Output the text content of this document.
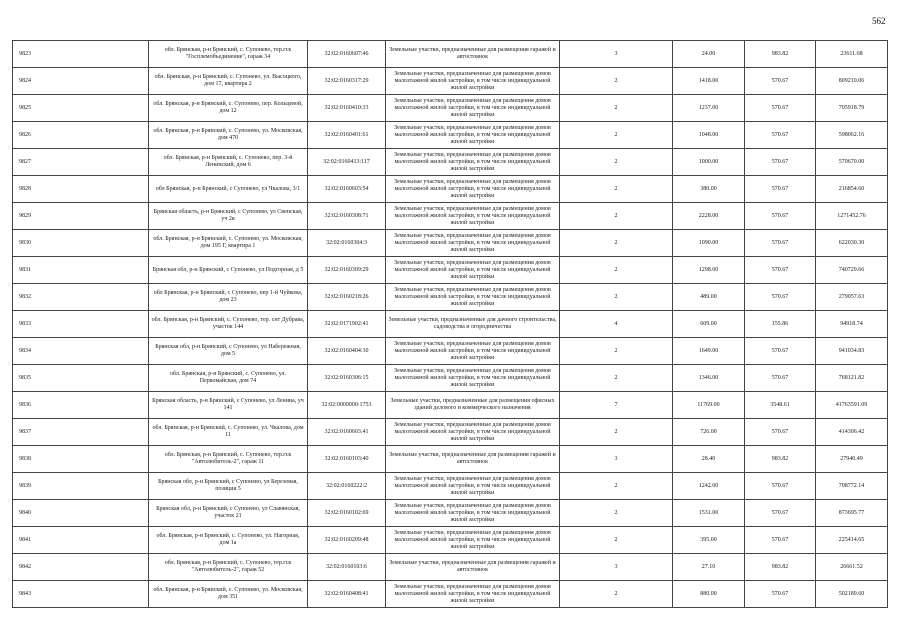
562
9823	обл. Брянская, р-н Брянский, с. Супонево, тер.гск "Госплемобъединение", гараж 34	32:02:0160607:46	Земельные участки, предназначенные для размещения гаражей и автостоянок	3	24.00	983.82	23611.68
9824	обл. Брянская, р-н Брянский, с. Супонево, ул. Высоцкого, дом 17, квартира 2	32:02:0160317:29	Земельные участки, предназначенные для размещения домов малоэтажной жилой застройки, в том числе индивидуальной жилой застройки	2	1418.00	570.67	809210.06
9825	обл. Брянская, р-н Брянский, с. Супонево, пер. Кольцевой, дом 12	32:02:0160410:33	Земельные участки, предназначенные для размещения домов малоэтажной жилой застройки, в том числе индивидуальной жилой застройки	2	1237.00	570.67	705918.79
9826	обл. Брянская, р-н Брянский, с. Супонево, ул. Московская, дом 470	32:02:0160401:61	Земельные участки, предназначенные для размещения домов малоэтажной жилой застройки, в том числе индивидуальной жилой застройки	2	1048.00	570.67	598062.16
9827	обл. Брянская, р-н Брянский, с. Супонево, пер. 3-й Ленинский, дом 6	32:02:0160413:117	Земельные участки, предназначенные для размещения домов малоэтажной жилой застройки, в том числе индивидуальной жилой застройки	2	1000.00	570.67	570670.00
9828	обл Брянская, р-н Брянский, с Супонево, ул Чкалова, 3/1	32:02:0160603:54	Земельные участки, предназначенные для размещения домов малоэтажной жилой застройки, в том числе индивидуальной жилой застройки	2	380.00	570.67	216854.60
9829	Брянская область, р-н Брянский, с Супонево, ул Свенская, уч 2в	32:02:0160308:71	Земельные участки, предназначенные для размещения домов малоэтажной жилой застройки, в том числе индивидуальной жилой застройки	2	2228.00	570.67	1271452.76
9830	обл. Брянская, р-н Брянский, с. Супонево, ул. Московская, дом 195 Г, квартира 1	32:02:0160304:3	Земельные участки, предназначенные для размещения домов малоэтажной жилой застройки, в том числе индивидуальной жилой застройки	2	1090.00	570.67	622030.30
9831	Брянская обл, р-н Брянский, с Супонево, ул Подгорная, д 5	32:02:0160309:29	Земельные участки, предназначенные для размещения домов малоэтажной жилой застройки, в том числе индивидуальной жилой застройки	2	1298.00	570.67	740729.66
9832	обл Брянская, р-н Брянский, с Супонево, пер 1-й Чуйкова, дом 23	32:02:0160218:26	Земельные участки, предназначенные для размещения домов малоэтажной жилой застройки, в том числе индивидуальной жилой застройки	2	489.00	570.67	279057.63
9833	обл. Брянская, р-н Брянский, с. Супонево, тер. снт Дубрава, участок 144	32:02:0171902:41	Земельные участки, предназначенные для дачного строительства, садоводства и огородничества	4	609.00	155.86	94918.74
9834	Брянская обл, р-н Брянский, с Супонево, ул Набережная, дом 5	32:02:0160404:30	Земельные участки, предназначенные для размещения домов малоэтажной жилой застройки, в том числе индивидуальной жилой застройки	2	1649.00	570.67	941034.83
9835	обл. Брянская, р-н Брянский, с. Супонево, ул. Первомайская, дом 74	32:02:0160306:15	Земельные участки, предназначенные для размещения домов малоэтажной жилой застройки, в том числе индивидуальной жилой застройки	2	1346.00	570.67	768121.82
9836	Брянская область, р-н Брянский, с Супонево, ул Ленина, уч 141	32:02:0000000:1753	Земельные участки, предназначенные для размещения офисных зданий делового и коммерческого назначения	7	11769.00	3548.61	41763591.09
9837	обл. Брянская, р-н Брянский, с. Супонево, ул. Чкалова, дом 11	32:02:0160603:41	Земельные участки, предназначенные для размещения домов малоэтажной жилой застройки, в том числе индивидуальной жилой застройки	2	726.00	570.67	414306.42
9838	обл. Брянская, р-н Брянский, с. Супонево, тер.гск "Автолюбитель-2", гараж 11	32:02:0160103:40	Земельные участки, предназначенные для размещения гаражей и автостоянок	3	28.40	983.82	27940.49
9839	Брянская обл, р-н Брянский, с Супонево, ул Березовая, позиция 5	32:02:0160222:2	Земельные участки, предназначенные для размещения домов малоэтажной жилой застройки, в том числе индивидуальной жилой застройки	2	1242.00	570.67	708772.14
9840	Брянская обл, р-н Брянский, с Супонево, ул Славянская, участок 21	32:02:0160102:69	Земельные участки, предназначенные для размещения домов малоэтажной жилой застройки, в том числе индивидуальной жилой застройки	2	1531.00	570.67	873695.77
9841	обл. Брянская, р-н Брянский, с. Супонево, ул. Нагорная, дом 1а	32:02:0160209:48	Земельные участки, предназначенные для размещения домов малоэтажной жилой застройки, в том числе индивидуальной жилой застройки	2	395.00	570.67	225414.65
9842	обл. Брянская, р-н Брянский, с. Супонево, тер.гск "Автолюбитель-2", гараж 52	32:02:0160103:6	Земельные участки, предназначенные для размещения гаражей и автостоянок	3	27.10	983.82	26661.52
9843	обл. Брянская, р-н Брянский, с. Супонево, ул. Московская, дом 351	32:02:0160408:41	Земельные участки, предназначенные для размещения домов малоэтажной жилой застройки, в том числе индивидуальной жилой застройки	2	880.00	570.67	502189.60
